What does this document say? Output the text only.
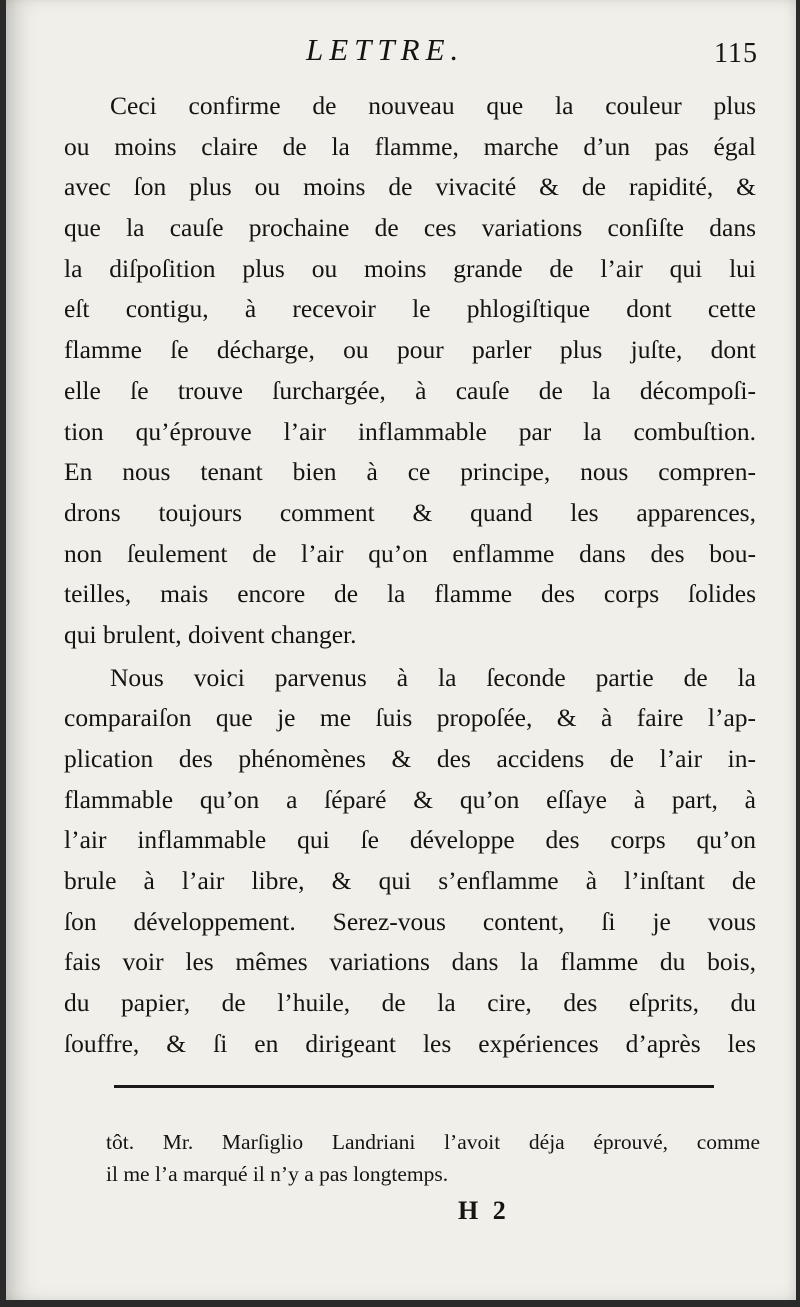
LETTRE.	115
Ceci confirme de nouveau que la couleur plus
ou moins claire de la flamme, marche d’un pas égal
avec ſon plus ou moins de vivacité & de rapidité, &
que la cauſe prochaine de ces variations conſiſte dans
la diſpoſition plus ou moins grande de l’air qui lui
eſt contigu, à recevoir le phlogiſtique dont cette
flamme ſe décharge, ou pour parler plus juſte, dont
elle ſe trouve ſurchargée, à cauſe de la décompoſi-
tion qu’éprouve l’air inflammable par la combuſtion.
En nous tenant bien à ce principe, nous compren-
drons toujours comment & quand les apparences,
non ſeulement de l’air qu’on enflamme dans des bou-
teilles, mais encore de la flamme des corps ſolides
qui brulent, doivent changer.
Nous voici parvenus à la ſeconde partie de la
comparaiſon que je me ſuis propoſée, & à faire l’ap-
plication des phénomènes & des accidens de l’air in-
flammable qu’on a ſéparé & qu’on eſſaye à part, à
l’air inflammable qui ſe développe des corps qu’on
brule à l’air libre, & qui s’enflamme à l’inſtant de
ſon développement. Serez-vous content, ſi je vous
fais voir les mêmes variations dans la flamme du bois,
du papier, de l’huile, de la cire, des eſprits, du
ſouffre, & ſi en dirigeant les expériences d’après les
tôt. Mr. Marſiglio Landriani l’avoit déja éprouvé, comme
il me l’a marqué il n’y a pas longtemps.
H 2
